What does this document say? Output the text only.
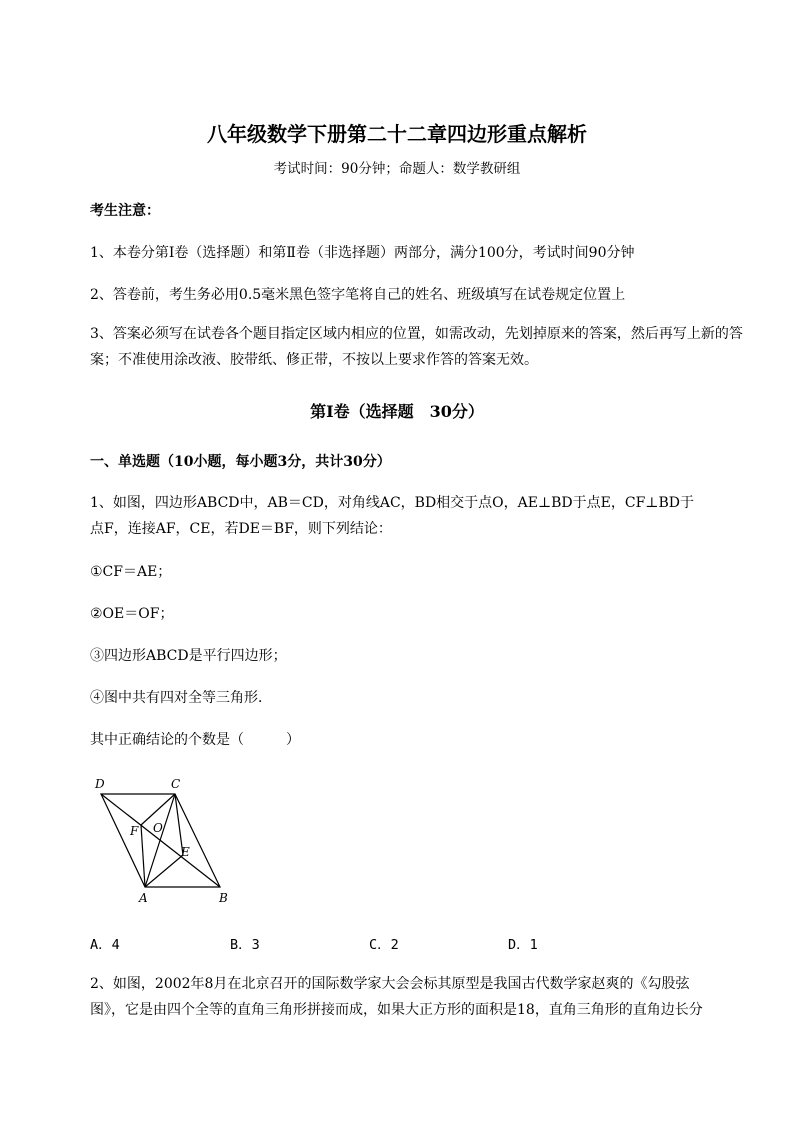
八年级数学下册第二十二章四边形重点解析
考试时间：90分钟；命题人：数学教研组
考生注意：
1、本卷分第Ⅰ卷（选择题）和第Ⅱ卷（非选择题）两部分，满分100分，考试时间90分钟
2、答卷前，考生务必用0.5毫米黑色签字笔将自己的姓名、班级填写在试卷规定位置上
3、答案必须写在试卷各个题目指定区域内相应的位置，如需改动，先划掉原来的答案，然后再写上新的答案；不准使用涂改液、胶带纸、修正带，不按以上要求作答的答案无效。
第Ⅰ卷（选择题　30分）
一、单选题（10小题，每小题3分，共计30分）
1、如图，四边形ABCD中，AB＝CD，对角线AC，BD相交于点O，AE⊥BD于点E，CF⊥BD于
点F，连接AF，CE，若DE＝BF，则下列结论：
①CF＝AE；
②OE＝OF；
③四边形ABCD是平行四边形；
④图中共有四对全等三角形．
其中正确结论的个数是（　　　）
D	C
F O
E
A	B
A．4	B．3	C．2	D．1
2、如图，2002年8月在北京召开的国际数学家大会会标其原型是我国古代数学家赵爽的《勾股弦
图》，它是由四个全等的直角三角形拼接而成，如果大正方形的面积是18，直角三角形的直角边长分
